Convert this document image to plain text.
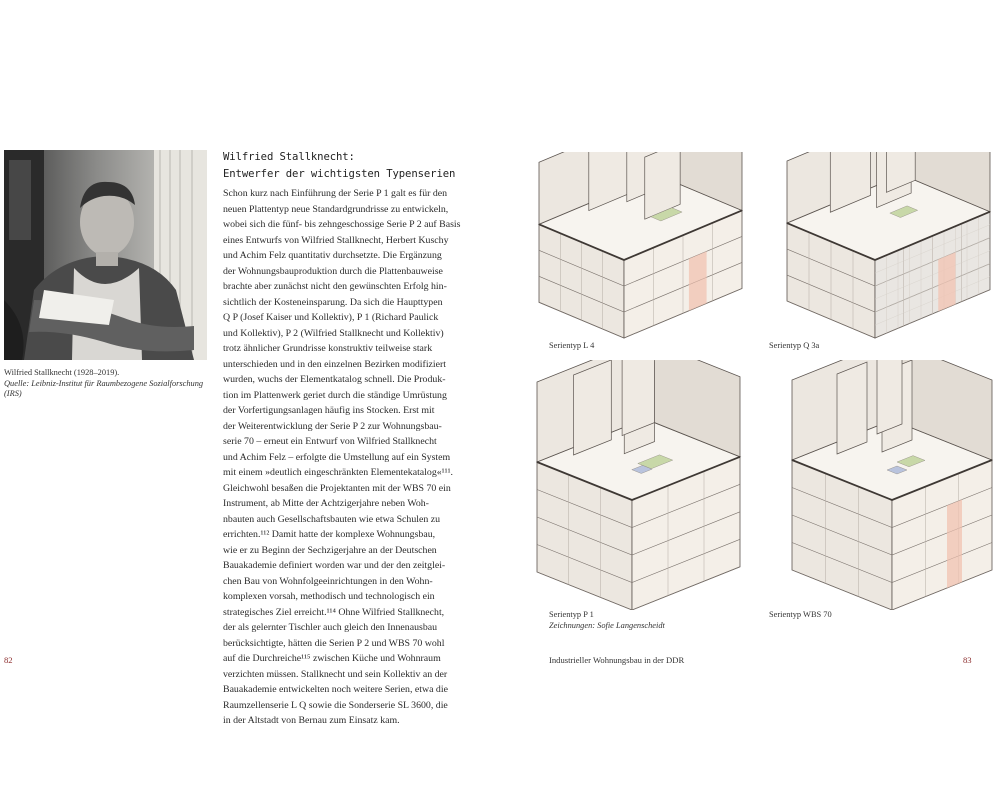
Wilfried Stallknecht (1928–2019).
Quelle: Leibniz-Institut für Raumbezogene Sozialforschung (IRS)
Wilfried Stallknecht:
Entwerfer der wichtigsten Typenserien
Schon kurz nach Einführung der Serie P 1 galt es für den
neuen Plattentyp neue Standardgrundrisse zu entwickeln,
wobei sich die fünf- bis zehngeschossige Serie P 2 auf Basis
eines Entwurfs von Wilfried Stallknecht, Herbert Kuschy
und Achim Felz quantitativ durchsetzte. Die Ergänzung
der Wohnungsbauproduktion durch die Plattenbauweise
brachte aber zunächst nicht den gewünschten Erfolg hin-
sichtlich der Kosteneinsparung. Da sich die Haupttypen
Q P (Josef Kaiser und Kollektiv), P 1 (Richard Paulick
und Kollektiv), P 2 (Wilfried Stallknecht und Kollektiv)
trotz ähnlicher Grundrisse konstruktiv teilweise stark
unterschieden und in den einzelnen Bezirken modifiziert
wurden, wuchs der Elementkatalog schnell. Die Produk-
tion im Plattenwerk geriet durch die ständige Umrüstung
der Vorfertigungsanlagen häufig ins Stocken. Erst mit
der Weiterentwicklung der Serie P 2 zur Wohnungsbau-
serie 70 – erneut ein Entwurf von Wilfried Stallknecht
und Achim Felz – erfolgte die Umstellung auf ein System
mit einem »deutlich eingeschränkten Elementekatalog«¹¹¹.
Gleichwohl besaßen die Projektanten mit der WBS 70 ein
Instrument, ab Mitte der Achtzigerjahre neben Woh-
nbauten auch Gesellschaftsbauten wie etwa Schulen zu
errichten.¹¹² Damit hatte der komplexe Wohnungsbau,
wie er zu Beginn der Sechzigerjahre an der Deutschen
Bauakademie definiert worden war und der den zeitglei-
chen Bau von Wohnfolgeeinrichtungen in den Wohn-
komplexen vorsah, methodisch und technologisch ein
strategisches Ziel erreicht.¹¹⁴ Ohne Wilfried Stallknecht,
der als gelernter Tischler auch gleich den Innenausbau
berücksichtigte, hätten die Serien P 2 und WBS 70 wohl
auf die Durchreiche¹¹⁵ zwischen Küche und Wohnraum
verzichten müssen. Stallknecht und sein Kollektiv an der
Bauakademie entwickelten noch weitere Serien, etwa die
Raumzellenserie L Q sowie die Sonderserie SL 3600, die
in der Altstadt von Bernau zum Einsatz kam.
82
Serientyp L 4	Serientyp Q 3a
Serientyp P 1
Zeichnungen: Sofie Langenscheidt
Serientyp WBS 70
Industrieller Wohnungsbau in der DDR	83
